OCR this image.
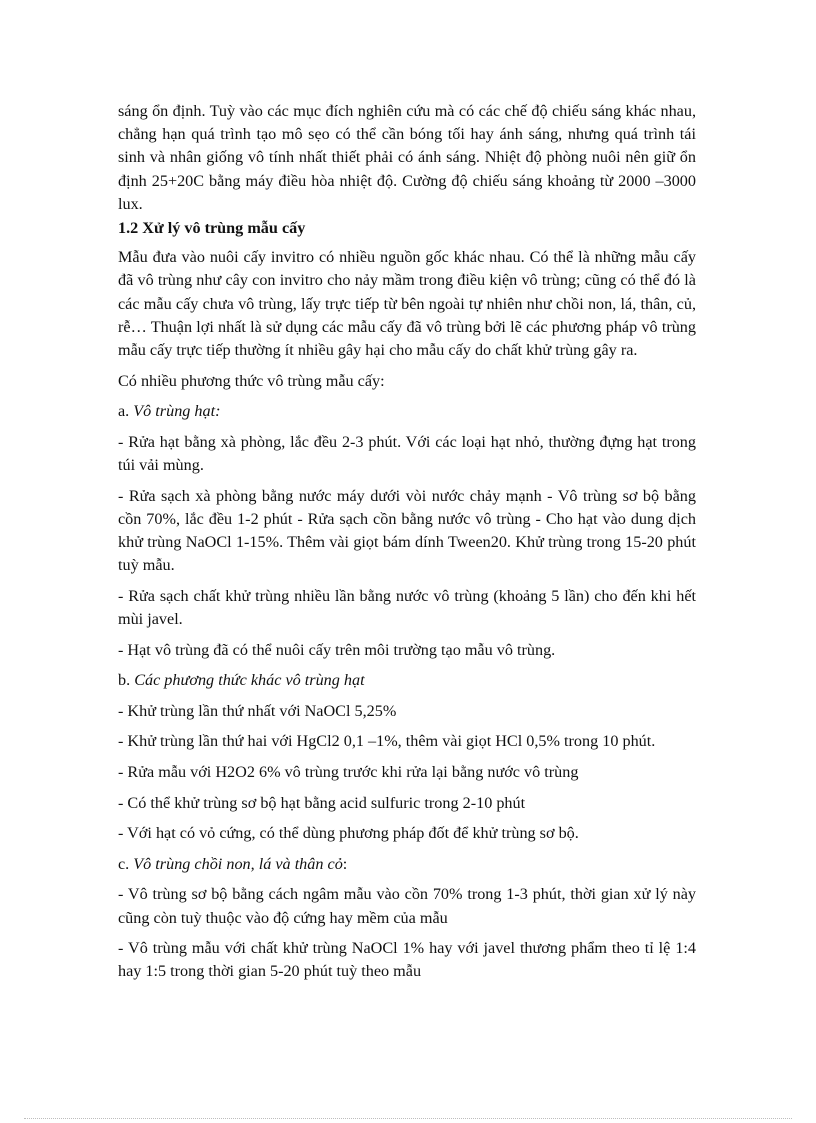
sáng ổn định. Tuỳ vào các mục đích nghiên cứu mà có các chế độ chiếu sáng khác nhau, chẳng hạn quá trình tạo mô sẹo có thể cần bóng tối hay ánh sáng, nhưng quá trình tái sinh và nhân giống vô tính nhất thiết phải có ánh sáng. Nhiệt độ phòng nuôi nên giữ ổn định 25+20C bằng máy điều hòa nhiệt độ. Cường độ chiếu sáng khoảng từ 2000 –3000 lux.

1.2 Xử lý vô trùng mẫu cấy

Mẫu đưa vào nuôi cấy invitro có nhiều nguồn gốc khác nhau. Có thể là những mẫu cấy đã vô trùng như cây con invitro cho nảy mầm trong điều kiện vô trùng; cũng có thể đó là các mẫu cấy chưa vô trùng, lấy trực tiếp từ bên ngoài tự nhiên như chồi non, lá, thân, củ, rễ… Thuận lợi nhất là sử dụng các mẫu cấy đã vô trùng bởi lẽ các phương pháp vô trùng mẫu cấy trực tiếp thường ít nhiều gây hại cho mẫu cấy do chất khử trùng gây ra.

Có nhiều phương thức vô trùng mẫu cấy:

a. Vô trùng hạt:

- Rửa hạt bằng xà phòng, lắc đều 2-3 phút. Với các loại hạt nhỏ, thường đựng hạt trong túi vải mùng.

- Rửa sạch xà phòng bằng nước máy dưới vòi nước chảy mạnh - Vô trùng sơ bộ bằng cồn 70%, lắc đều 1-2 phút - Rửa sạch cồn bằng nước vô trùng - Cho hạt vào dung dịch khử trùng NaOCl 1-15%. Thêm vài giọt bám dính Tween20. Khử trùng trong 15-20 phút tuỳ mẫu.

- Rửa sạch chất khử trùng nhiều lần bằng nước vô trùng (khoảng 5 lần) cho đến khi hết mùi javel.

- Hạt vô trùng đã có thể nuôi cấy trên môi trường tạo mẫu vô trùng.

b. Các phương thức khác vô trùng hạt

- Khử trùng lần thứ nhất với NaOCl 5,25%

- Khử trùng lần thứ hai với HgCl2 0,1 –1%, thêm vài giọt HCl 0,5% trong 10 phút.

- Rửa mẫu với H2O2 6% vô trùng trước khi rửa lại bằng nước vô trùng

- Có thể khử trùng sơ bộ hạt bằng acid sulfuric trong 2-10 phút

- Với hạt có vỏ cứng, có thể dùng phương pháp đốt để khử trùng sơ bộ.

c. Vô trùng chồi non, lá và thân cỏ:

- Vô trùng sơ bộ bằng cách ngâm mẫu vào cồn 70% trong 1-3 phút, thời gian xử lý này cũng còn tuỳ thuộc vào độ cứng hay mềm của mẫu

- Vô trùng mẫu với chất khử trùng NaOCl 1% hay với javel thương phẩm theo tỉ lệ 1:4 hay 1:5 trong thời gian 5-20 phút tuỳ theo mẫu
